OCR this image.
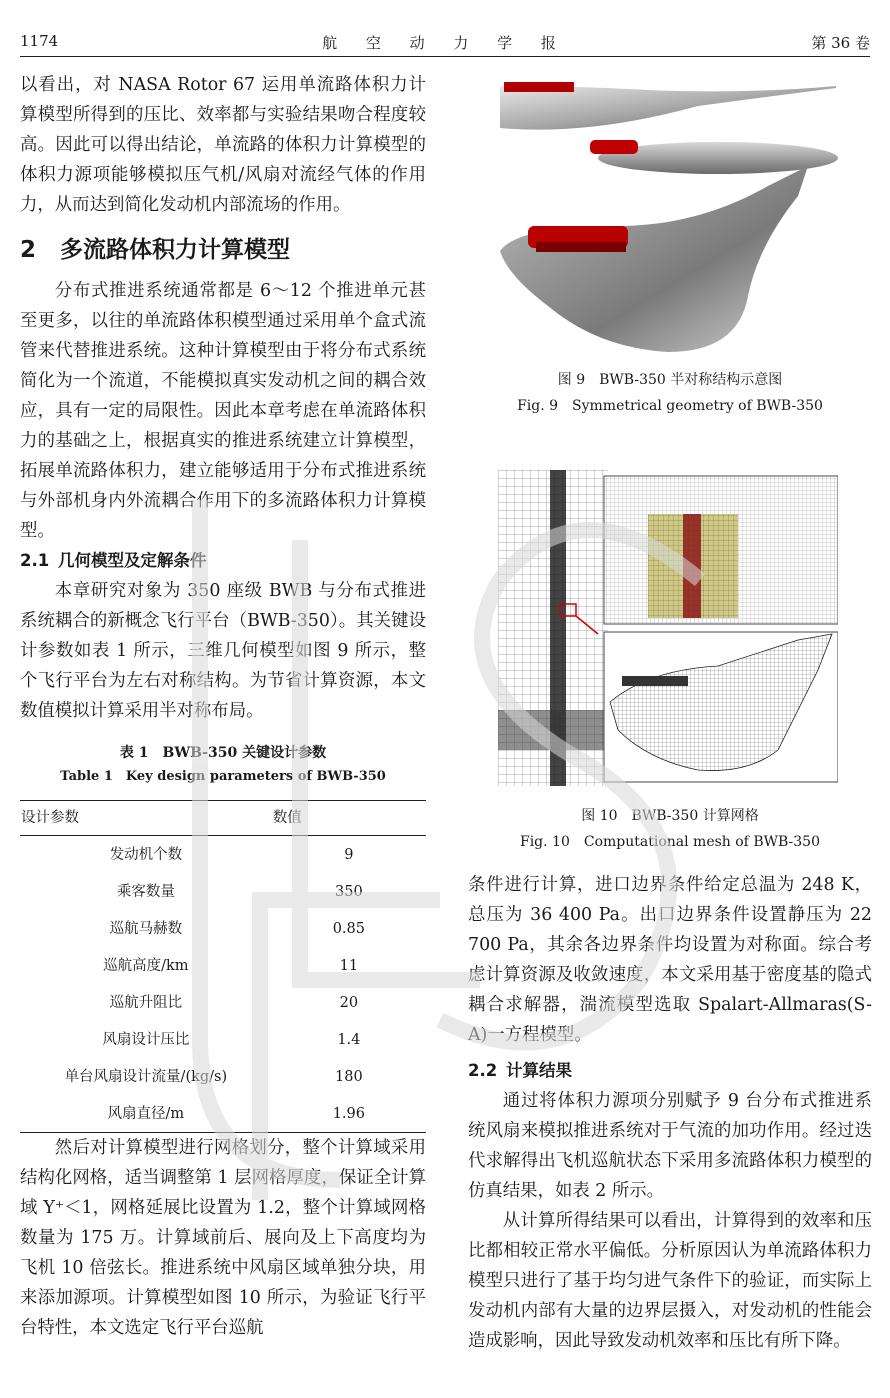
1174	航 空 动 力 学 报	第 36 卷

以看出，对 NASA Rotor 67 运用单流路体积力计算模型所得到的压比、效率都与实验结果吻合程度较高。因此可以得出结论，单流路的体积力计算模型的体积力源项能够模拟压气机/风扇对流经气体的作用力，从而达到简化发动机内部流场的作用。

2 多流路体积力计算模型

分布式推进系统通常都是 6～12 个推进单元甚至更多，以往的单流路体积模型通过采用单个盒式流管来代替推进系统。这种计算模型由于将分布式系统简化为一个流道，不能模拟真实发动机之间的耦合效应，具有一定的局限性。因此本章考虑在单流路体积力的基础之上，根据真实的推进系统建立计算模型，拓展单流路体积力，建立能够适用于分布式推进系统与外部机身内外流耦合作用下的多流路体积力计算模型。

2.1 几何模型及定解条件

本章研究对象为 350 座级 BWB 与分布式推进系统耦合的新概念飞行平台（BWB-350）。其关键设计参数如表 1 所示，三维几何模型如图 9 所示，整个飞行平台为左右对称结构。为节省计算资源，本文数值模拟计算采用半对称布局。

表 1　BWB-350 关键设计参数
Table 1　Key design parameters of BWB-350
设计参数	数值
发动机个数	9
乘客数量	350
巡航马赫数	0.85
巡航高度/km	11
巡航升阻比	20
风扇设计压比	1.4
单台风扇设计流量/(kg/s)	180
风扇直径/m	1.96

然后对计算模型进行网格划分，整个计算域采用结构化网格，适当调整第 1 层网格厚度，保证全计算域 Y⁺＜1，网格延展比设置为 1.2，整个计算域网格数量为 175 万。计算域前后、展向及上下高度均为飞机 10 倍弦长。推进系统中风扇区域单独分块，用来添加源项。计算模型如图 10 所示，为验证飞行平台特性，本文选定飞行平台巡航

图 9　BWB-350 半对称结构示意图
Fig. 9　Symmetrical geometry of BWB-350
图 10　BWB-350 计算网格
Fig. 10　Computational mesh of BWB-350

条件进行计算，进口边界条件给定总温为 248 K，总压为 36 400 Pa。出口边界条件设置静压为 22 700 Pa，其余各边界条件均设置为对称面。综合考虑计算资源及收敛速度，本文采用基于密度基的隐式耦合求解器，湍流模型选取 Spalart-Allmaras(S-A)一方程模型。

2.2 计算结果

通过将体积力源项分别赋予 9 台分布式推进系统风扇来模拟推进系统对于气流的加功作用。经过迭代求解得出飞机巡航状态下采用多流路体积力模型的仿真结果，如表 2 所示。

从计算所得结果可以看出，计算得到的效率和压比都相较正常水平偏低。分析原因认为单流路体积力模型只进行了基于均匀进气条件下的验证，而实际上发动机内部有大量的边界层摄入，对发动机的性能会造成影响，因此导致发动机效率和压比有所下降。
